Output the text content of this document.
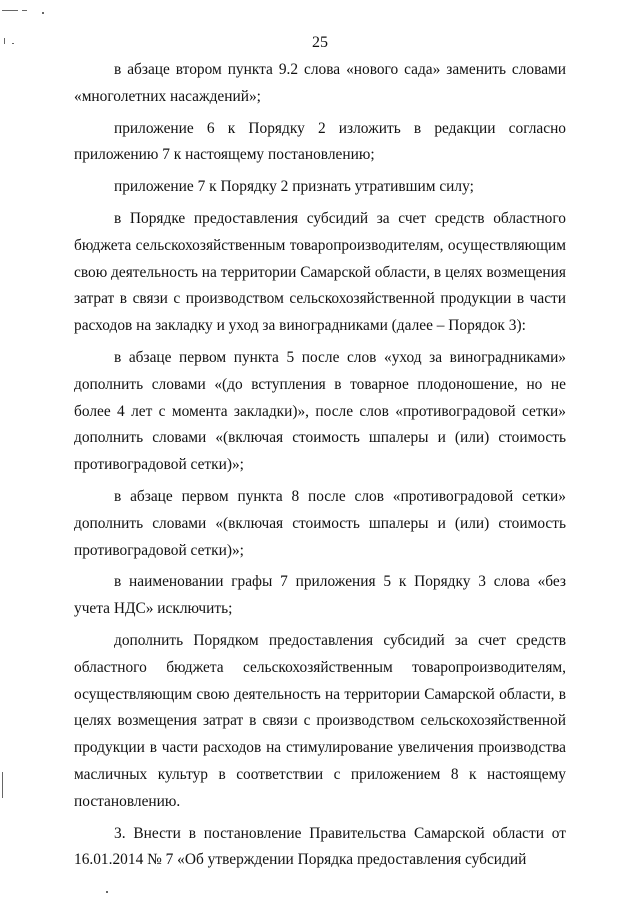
25

в абзаце втором пункта 9.2 слова «нового сада» заменить словами «многолетних насаждений»;

приложение 6 к Порядку 2 изложить в редакции согласно приложению 7 к настоящему постановлению;

приложение 7 к Порядку 2 признать утратившим силу;

в Порядке предоставления субсидий за счет средств областного бюджета сельскохозяйственным товаропроизводителям, осуществляющим свою деятельность на территории Самарской области, в целях возмещения затрат в связи с производством сельскохозяйственной продукции в части расходов на закладку и уход за виноградниками (далее – Порядок 3):

в абзаце первом пункта 5 после слов «уход за виноградниками» дополнить словами «(до вступления в товарное плодоношение, но не более 4 лет с момента закладки)», после слов «противоградовой сетки» дополнить словами «(включая стоимость шпалеры и (или) стоимость противоградовой сетки)»;

в абзаце первом пункта 8 после слов «противоградовой сетки» дополнить словами «(включая стоимость шпалеры и (или) стоимость противоградовой сетки)»;

в наименовании графы 7 приложения 5 к Порядку 3 слова «без учета НДС» исключить;

дополнить Порядком предоставления субсидий за счет средств областного бюджета сельскохозяйственным товаропроизводителям, осуществляющим свою деятельность на территории Самарской области, в целях возмещения затрат в связи с производством сельскохозяйственной продукции в части расходов на стимулирование увеличения производства масличных культур в соответствии с приложением 8 к настоящему постановлению.

3. Внести в постановление Правительства Самарской области от 16.01.2014 № 7 «Об утверждении Порядка предоставления субсидий
